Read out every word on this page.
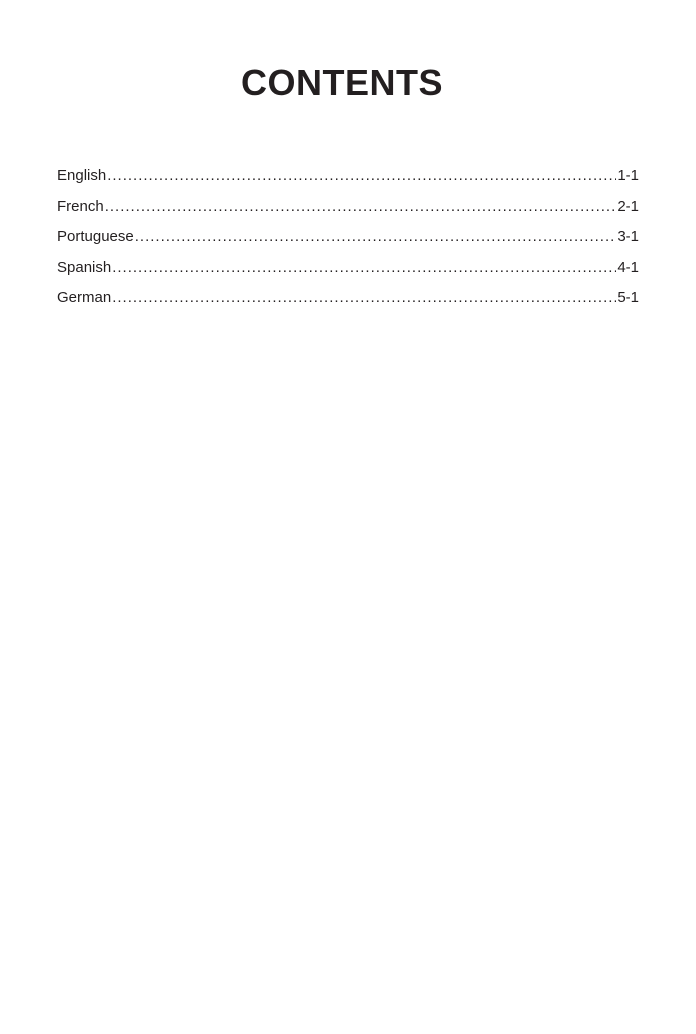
CONTENTS
English .....	1-1
French .....	2-1
Portuguese .....	3-1
Spanish .....	4-1
German .....	5-1
